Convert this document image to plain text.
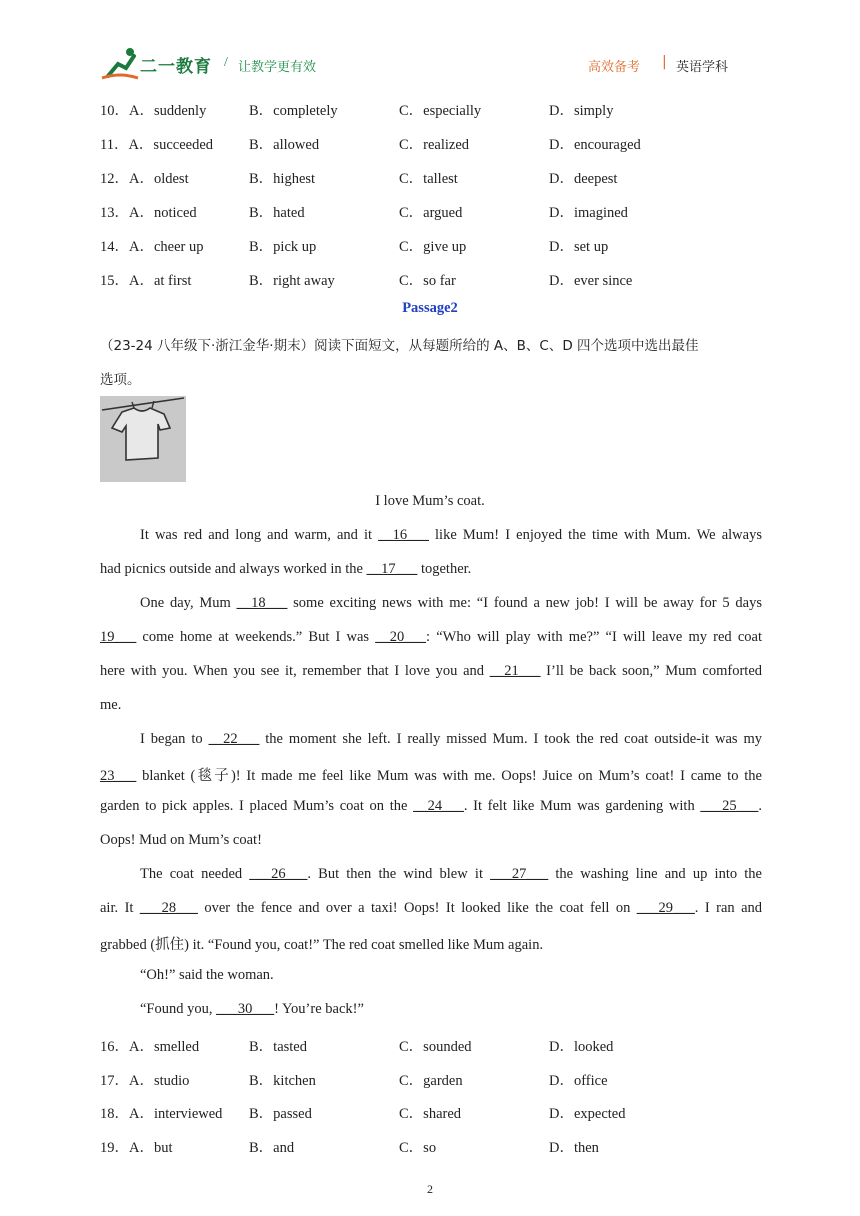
二一教育 / 让教学更有效	高效备考 | 英语学科
10．A．suddenly	B．completely	C．especially	D．simply
11．A．succeeded B．allowed	C．realized	D．encouraged
12．A．oldest	B．highest	C．tallest	D．deepest
13．A．noticed	B．hated	C．argued	D．imagined
14．A．cheer up	B．pick up	C．give up	D．set up
15．A．at first	B．right away	C．so far	D．ever since
Passage2
（23-24 八年级下·浙江金华·期末）阅读下面短文，从每题所给的 A、B、C、D 四个选项中选出最佳
选项。
I love Mum’s coat.
It was red and long and warm, and it __16___ like Mum! I enjoyed the time with Mum. We always
had picnics outside and always worked in the __17___ together.
One day, Mum __18___ some exciting news with me: “I found a new job! I will be away for 5 days
19___ come home at weekends.” But I was __20___: “Who will play with me?” “I will leave my red coat
here with you. When you see it, remember that I love you and __21___ I’ll be back soon,” Mum comforted
me.
I began to __22___ the moment she left. I really missed Mum. I took the red coat outside-it was my
23___ blanket (毯子)! It made me feel like Mum was with me. Oops! Juice on Mum’s coat! I came to the
garden to pick apples. I placed Mum’s coat on the __24___. It felt like Mum was gardening with ___25___.
Oops! Mud on Mum’s coat!
The coat needed ___26___. But then the wind blew it ___27___ the washing line and up into the
air. It ___28___ over the fence and over a taxi! Oops! It looked like the coat fell on ___29___. I ran and
grabbed (抓住) it. “Found you, coat!” The red coat smelled like Mum again.
“Oh!” said the woman.
“Found you, ___30___! You’re back!”
16．A．smelled	B．tasted	C．sounded	D．looked
17．A．studio	B．kitchen	C．garden	D．office
18．A．interviewed B．passed	C．shared	D．expected
19．A．but	B．and	C．so	D．then
2
